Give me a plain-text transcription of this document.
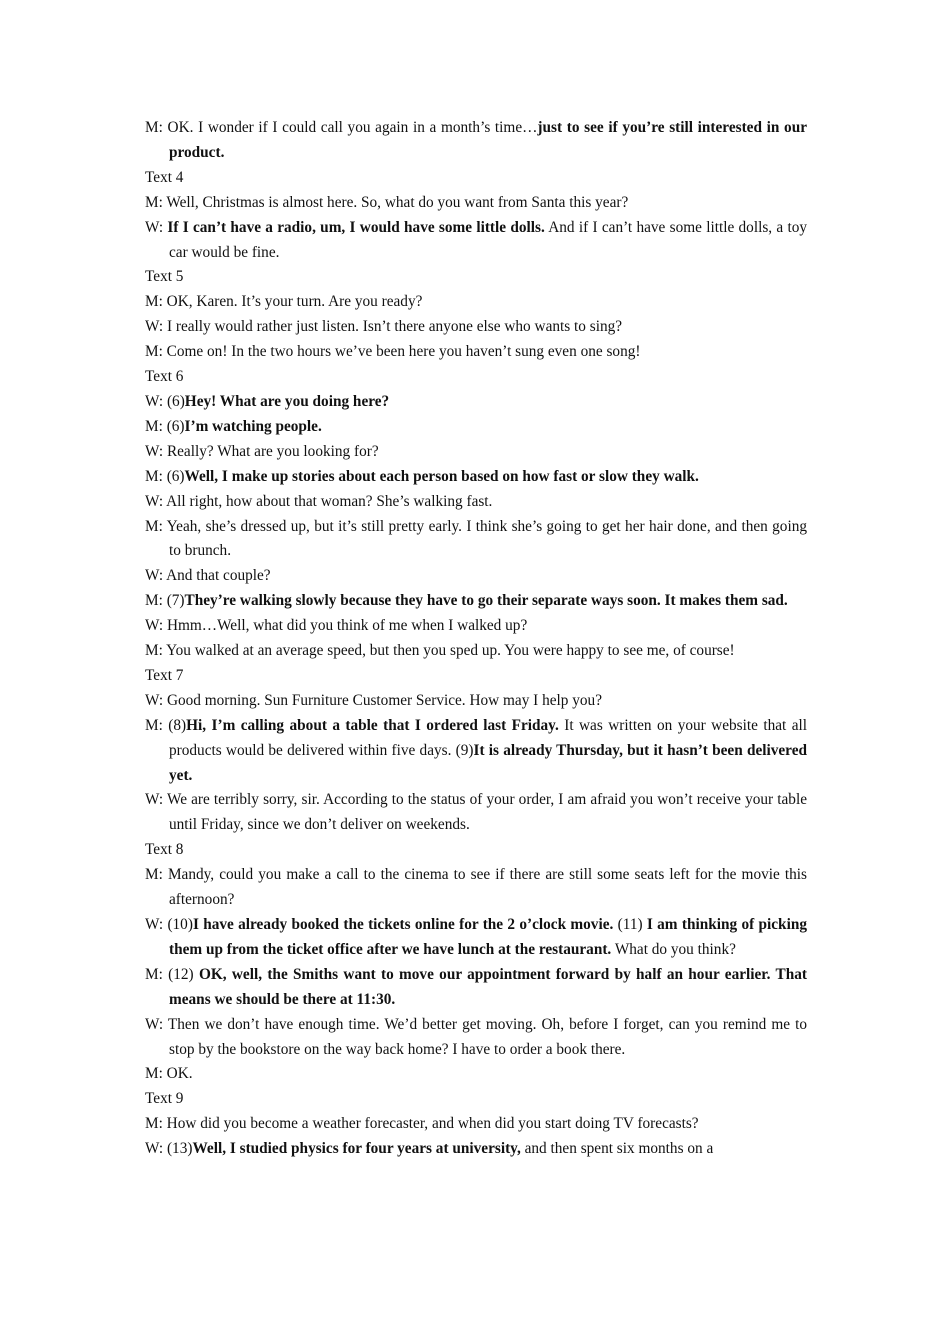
M: OK. I wonder if I could call you again in a month’s time…just to see if you’re still interested in our product.

Text 4

M: Well, Christmas is almost here. So, what do you want from Santa this year?

W: If I can’t have a radio, um, I would have some little dolls. And if I can’t have some little dolls, a toy car would be fine.

Text 5

M: OK, Karen. It’s your turn. Are you ready?

W: I really would rather just listen. Isn’t there anyone else who wants to sing?

M: Come on! In the two hours we’ve been here you haven’t sung even one song!

Text 6

W: (6)Hey! What are you doing here?

M: (6)I’m watching people.

W: Really? What are you looking for?

M: (6)Well, I make up stories about each person based on how fast or slow they walk.

W: All right, how about that woman? She’s walking fast.

M: Yeah, she’s dressed up, but it’s still pretty early. I think she’s going to get her hair done, and then going to brunch.

W: And that couple?

M: (7)They’re walking slowly because they have to go their separate ways soon. It makes them sad.

W: Hmm…Well, what did you think of me when I walked up?

M: You walked at an average speed, but then you sped up. You were happy to see me, of course!

Text 7

W: Good morning. Sun Furniture Customer Service. How may I help you?

M: (8)Hi, I’m calling about a table that I ordered last Friday. It was written on your website that all products would be delivered within five days. (9)It is already Thursday, but it hasn’t been delivered yet.

W: We are terribly sorry, sir. According to the status of your order, I am afraid you won’t receive your table until Friday, since we don’t deliver on weekends.

Text 8

M: Mandy, could you make a call to the cinema to see if there are still some seats left for the movie this afternoon?

W: (10)I have already booked the tickets online for the 2 o’clock movie. (11) I am thinking of picking them up from the ticket office after we have lunch at the restaurant. What do you think?

M: (12) OK, well, the Smiths want to move our appointment forward by half an hour earlier. That means we should be there at 11:30.

W: Then we don’t have enough time. We’d better get moving. Oh, before I forget, can you remind me to stop by the bookstore on the way back home? I have to order a book there.

M: OK.

Text 9

M: How did you become a weather forecaster, and when did you start doing TV forecasts?

W: (13)Well, I studied physics for four years at university, and then spent six months on a
